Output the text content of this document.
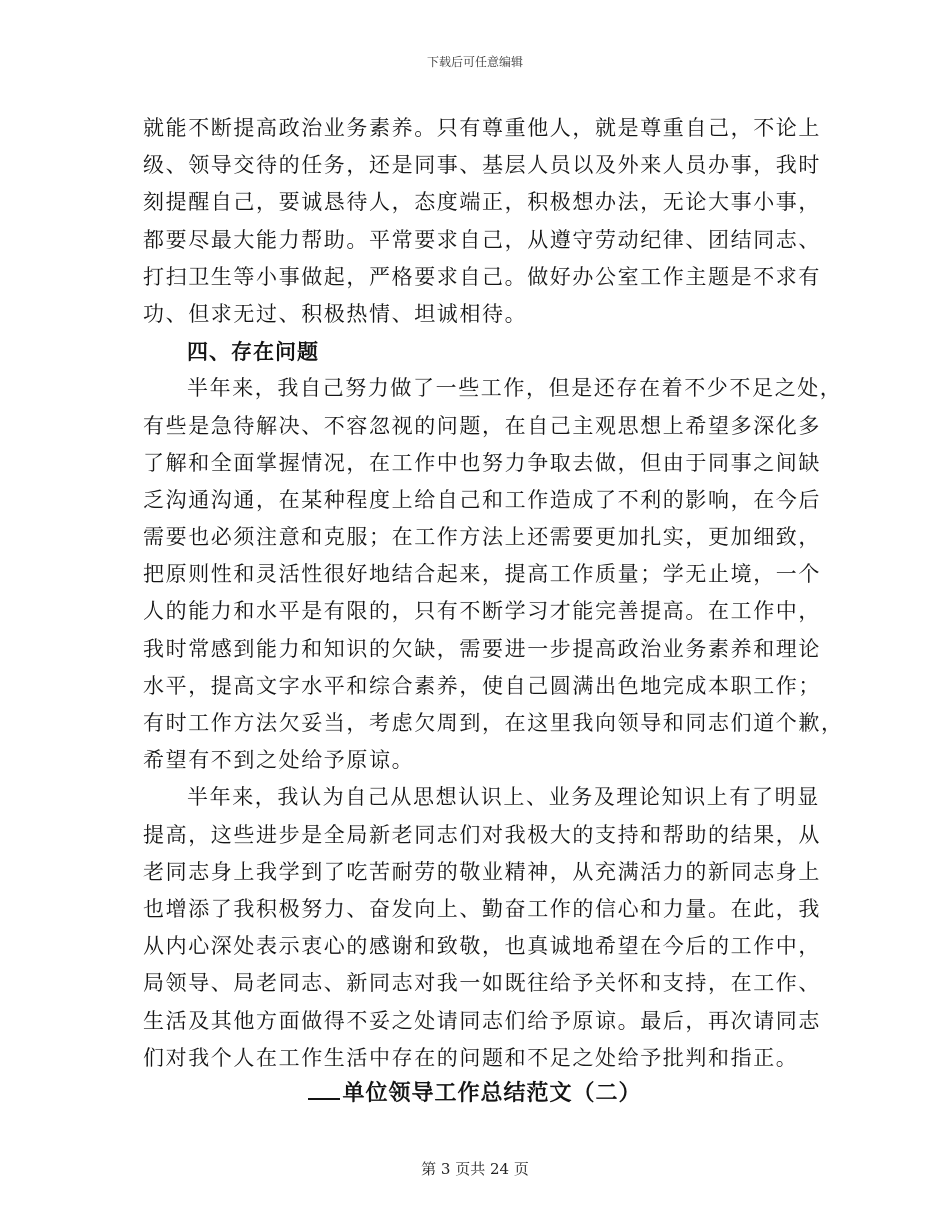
下载后可任意编辑
就能不断提高政治业务素养。只有尊重他人，就是尊重自己，不论上
级、领导交待的任务，还是同事、基层人员以及外来人员办事，我时
刻提醒自己，要诚恳待人，态度端正，积极想办法，无论大事小事，
都要尽最大能力帮助。平常要求自己，从遵守劳动纪律、团结同志、
打扫卫生等小事做起，严格要求自己。做好办公室工作主题是不求有
功、但求无过、积极热情、坦诚相待。
四、存在问题
半年来，我自己努力做了一些工作，但是还存在着不少不足之处，
有些是急待解决、不容忽视的问题，在自己主观思想上希望多深化多
了解和全面掌握情况，在工作中也努力争取去做，但由于同事之间缺
乏沟通沟通，在某种程度上给自己和工作造成了不利的影响，在今后
需要也必须注意和克服；在工作方法上还需要更加扎实，更加细致，
把原则性和灵活性很好地结合起来，提高工作质量；学无止境，一个
人的能力和水平是有限的，只有不断学习才能完善提高。在工作中，
我时常感到能力和知识的欠缺，需要进一步提高政治业务素养和理论
水平，提高文字水平和综合素养，使自己圆满出色地完成本职工作；
有时工作方法欠妥当，考虑欠周到，在这里我向领导和同志们道个歉，
希望有不到之处给予原谅。
半年来，我认为自己从思想认识上、业务及理论知识上有了明显
提高，这些进步是全局新老同志们对我极大的支持和帮助的结果，从
老同志身上我学到了吃苦耐劳的敬业精神，从充满活力的新同志身上
也增添了我积极努力、奋发向上、勤奋工作的信心和力量。在此，我
从内心深处表示衷心的感谢和致敬，也真诚地希望在今后的工作中，
局领导、局老同志、新同志对我一如既往给予关怀和支持，在工作、
生活及其他方面做得不妥之处请同志们给予原谅。最后，再次请同志
们对我个人在工作生活中存在的问题和不足之处给予批判和指正。
单位领导工作总结范文（二）
第 3 页共 24 页
